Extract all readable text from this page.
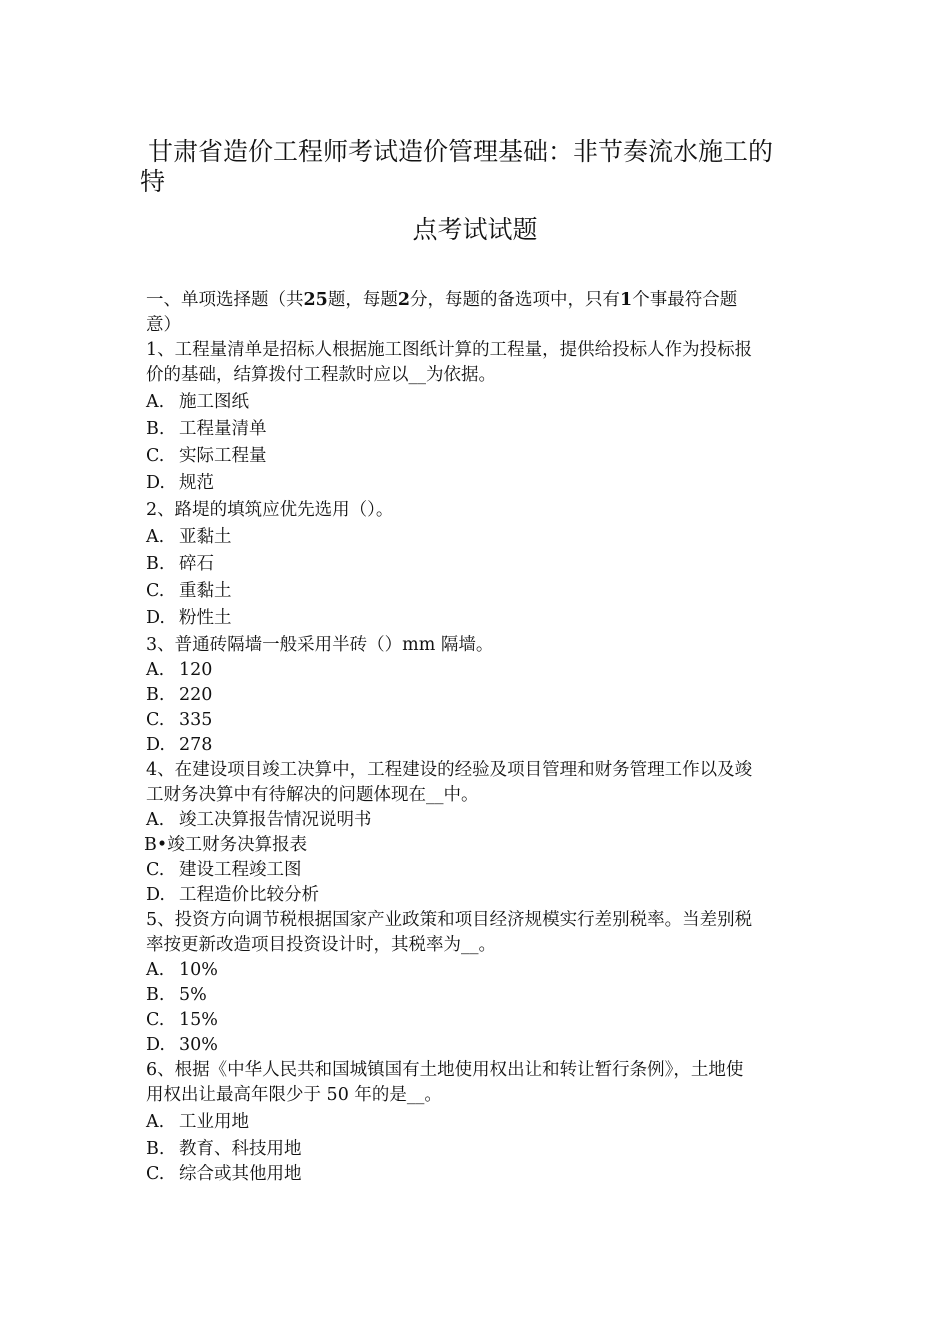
甘肃省造价工程师考试造价管理基础：非节奏流水施工的
特
点考试试题
一、单项选择题（共25题，每题2分，每题的备选项中，只有1个事最符合题
意）
1、工程量清单是招标人根据施工图纸计算的工程量，提供给投标人作为投标报
价的基础，结算拨付工程款时应以__为依据。
A. 施工图纸
B. 工程量清单
C. 实际工程量
D. 规范
2、路堤的填筑应优先选用（）。
A. 亚黏土
B. 碎石
C. 重黏土
D. 粉性土
3、普通砖隔墙一般采用半砖（）mm 隔墙。
A. 120
B. 220
C. 335
D. 278
4、在建设项目竣工决算中，工程建设的经验及项目管理和财务管理工作以及竣
工财务决算中有待解决的问题体现在__中。
A. 竣工决算报告情况说明书
B•竣工财务决算报表
C. 建设工程竣工图
D. 工程造价比较分析
5、投资方向调节税根据国家产业政策和项目经济规模实行差别税率。当差别税
率按更新改造项目投资设计时，其税率为__。
A. 10%
B. 5%
C. 15%
D. 30%
6、根据《中华人民共和国城镇国有土地使用权出让和转让暂行条例》，土地使
用权出让最高年限少于 50 年的是__。
A. 工业用地
B. 教育、科技用地
C. 综合或其他用地
